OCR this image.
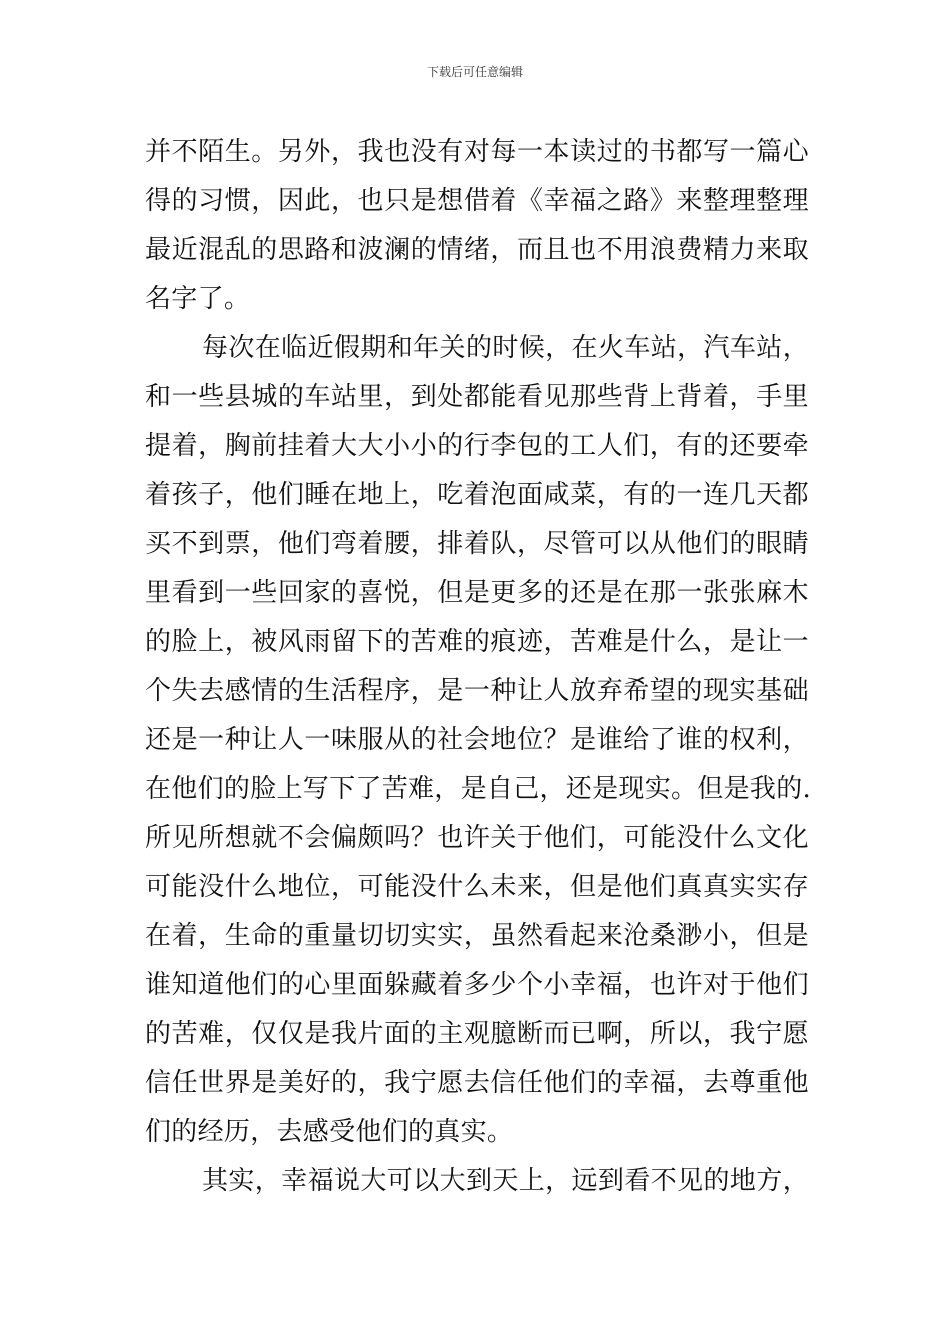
下载后可任意编辑
并不陌生。另外，我也没有对每一本读过的书都写一篇心
得的习惯，因此，也只是想借着《幸福之路》来整理整理
最近混乱的思路和波澜的情绪，而且也不用浪费精力来取
名字了。
每次在临近假期和年关的时候，在火车站，汽车站，
和一些县城的车站里，到处都能看见那些背上背着，手里
提着，胸前挂着大大小小的行李包的工人们，有的还要牵
着孩子，他们睡在地上，吃着泡面咸菜，有的一连几天都
买不到票，他们弯着腰，排着队，尽管可以从他们的眼睛
里看到一些回家的喜悦，但是更多的还是在那一张张麻木
的脸上，被风雨留下的苦难的痕迹，苦难是什么，是让一
个失去感情的生活程序，是一种让人放弃希望的现实基础
还是一种让人一味服从的社会地位？是谁给了谁的权利，
在他们的脸上写下了苦难，是自己，还是现实。但是我的.
所见所想就不会偏颇吗？也许关于他们，可能没什么文化
可能没什么地位，可能没什么未来，但是他们真真实实存
在着，生命的重量切切实实，虽然看起来沧桑渺小，但是
谁知道他们的心里面躲藏着多少个小幸福，也许对于他们
的苦难，仅仅是我片面的主观臆断而已啊，所以，我宁愿
信任世界是美好的，我宁愿去信任他们的幸福，去尊重他
们的经历，去感受他们的真实。
其实，幸福说大可以大到天上，远到看不见的地方，
